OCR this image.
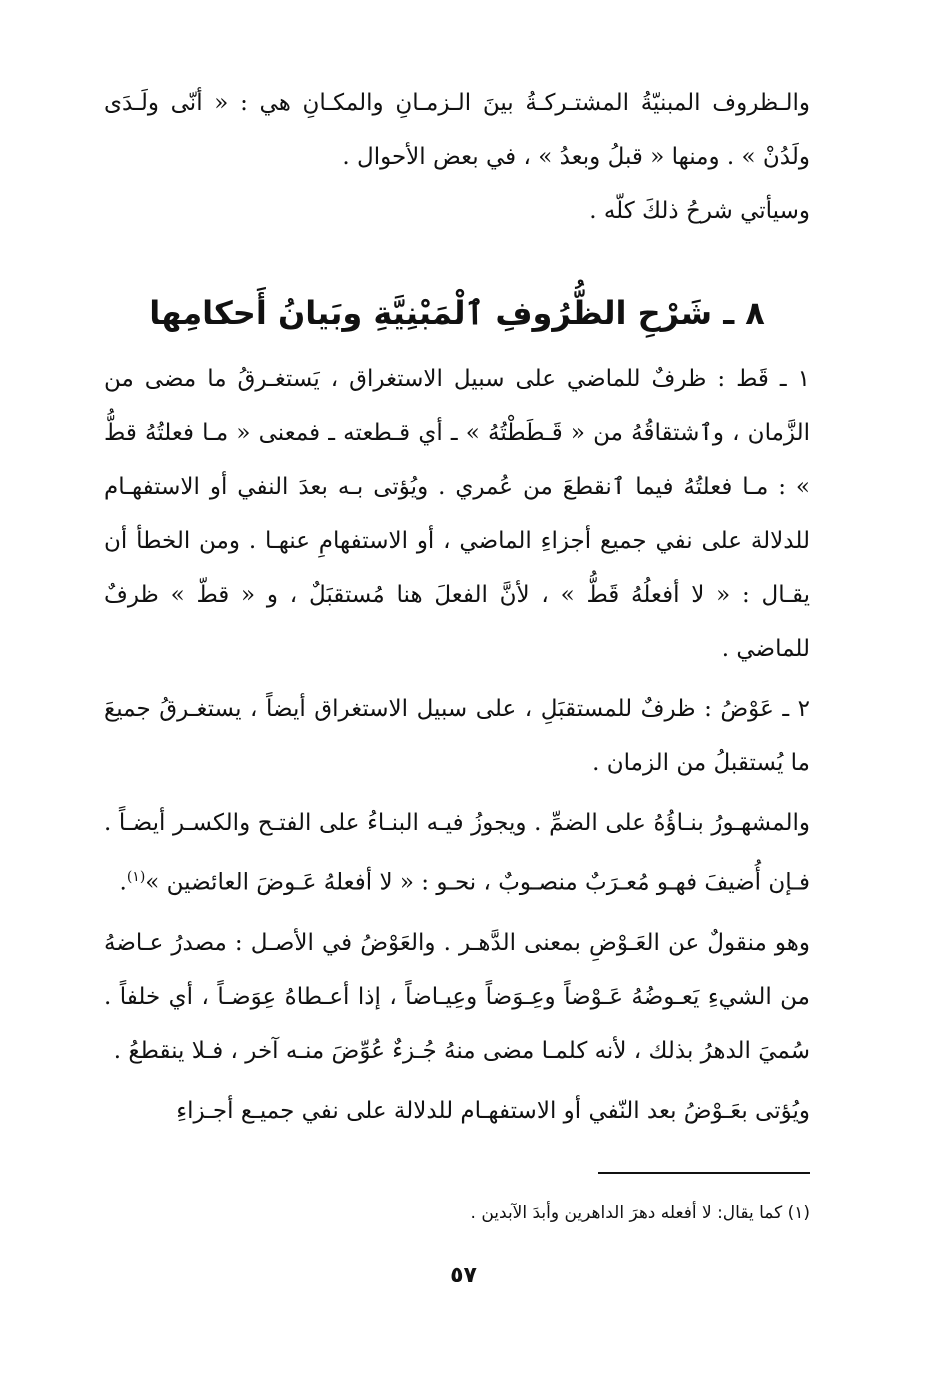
والـظروف المبنيّةُ المشتـركـةُ بينَ الـزمـانِ والمكـانِ هي : « أنّى ولَـدَى ولَدُنْ » . ومنها « قبلُ وبعدُ » ، في بعض الأحوال .

وسيأتي شرحُ ذلكَ كلّه .

٨ ـ شَرْحِ الظُّرُوفِ ٱلْمَبْنِيَّةِ وبَيانُ أَحكامِها

١ ـ قَط : ظرفٌ للماضي على سبيل الاستغراق ، يَستغـرقُ ما مضى من الزَّمان ، وٱشتقاقُهُ من « قَـطَطْتُهُ » ـ أي قـطعته ـ فمعنى « مـا فعلتُهُ قطُّ » : مـا فعلتُهُ فيما ٱنقطعَ من عُمري . ويُؤتى بـه بعدَ النفي أو الاستفهـام للدلالة على نفي جميع أجزاءِ الماضي ، أو الاستفهامِ عنهـا . ومن الخطأ أن يقـال : « لا أفعلُهُ قَطُّ » ، لأنَّ الفعلَ هنا مُستقبَلٌ ، و « قطّ » ظرفٌ للماضي .

٢ ـ عَوْضُ : ظرفٌ للمستقبَلِ ، على سبيل الاستغراق أيضاً ، يستغـرقُ جميعَ ما يُستقبلُ من الزمان .

والمشهـورُ بنـاؤُهُ على الضمِّ . ويجوزُ فيـه البنـاءُ على الفتـح والكسـر أيضـاً . فـإن أُضيفَ فهـو مُعـرَبٌ منصـوبٌ ، نحـو : « لا أفعلهُ عَـوضَ العائضين »$^{(١)}$.

وهو منقولٌ عن العَـوْضِ بمعنى الدَّهـر . والعَوْضُ في الأصـل : مصدرُ عـاضهُ من الشيءِ يَعـوضُهُ عَـوْضاً وعِـوَضاً وعِيـاضاً ، إذا أعـطاهُ عِوَضـاً ، أي خلفاً . سُميَ الدهرُ بذلك ، لأنه كلمـا مضى منهُ جُـزءٌ عُوِّضَ منـه آخر ، فـلا ينقطعُ .

ويُؤتى بعَـوْضُ بعد النّفي أو الاستفهـام للدلالة على نفي جميـع أجـزاءِ

(١) كما يقال: لا أفعله دهرَ الداهرين وأبدَ الآبدين .
٥٧
